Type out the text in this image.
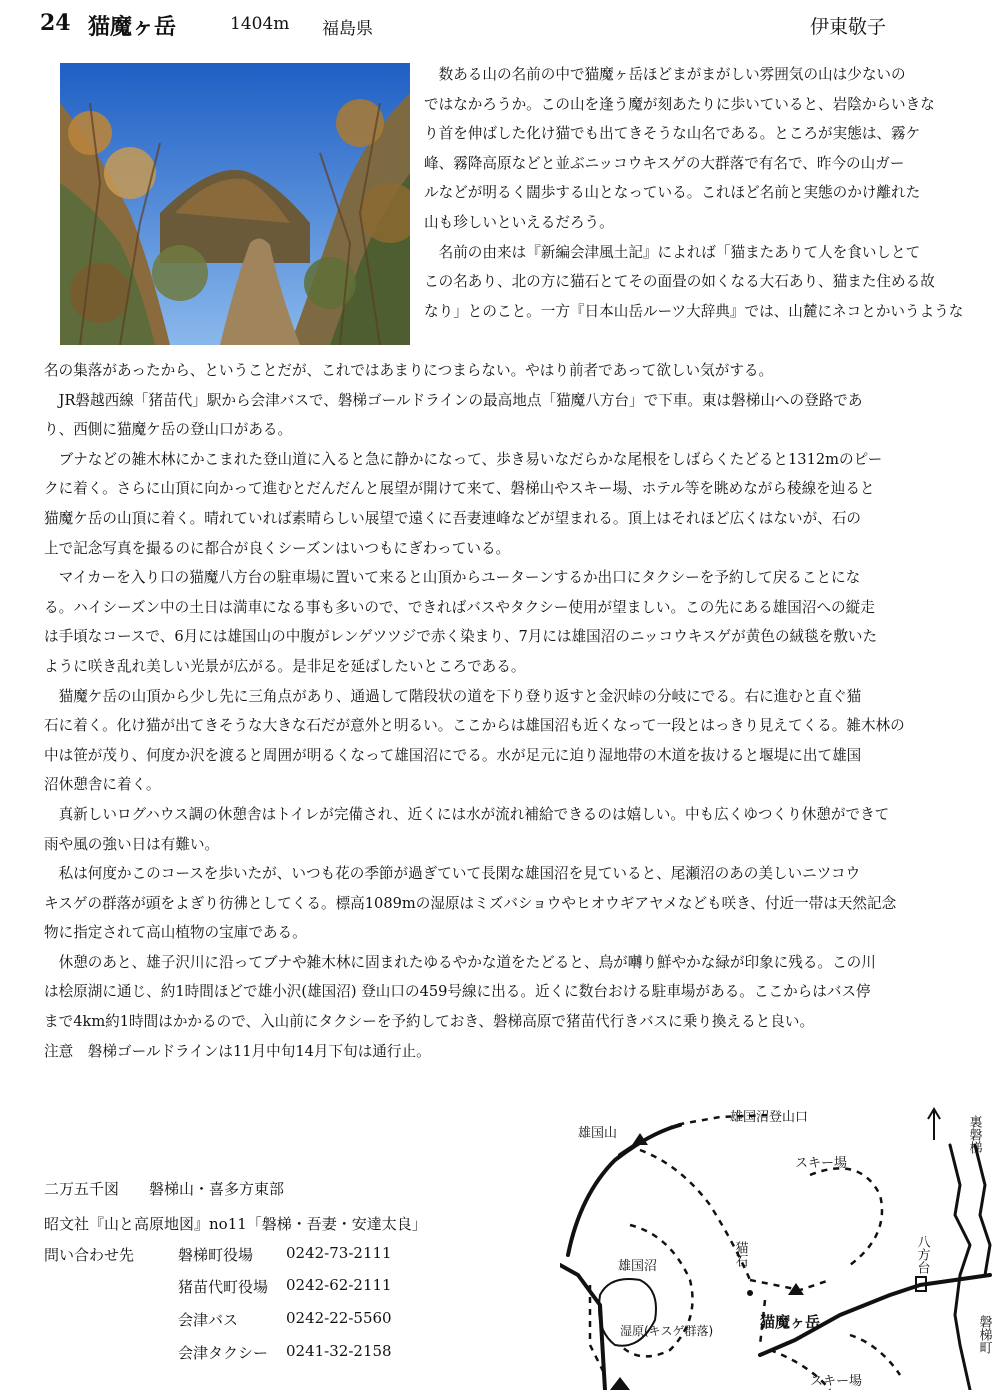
24 猫魔ヶ岳	1404m 福島県	伊東敬子
　数ある山の名前の中で猫魔ヶ岳ほどまがまがしい雰囲気の山は少ないの
ではなかろうか。この山を逢う魔が刻あたりに歩いていると、岩陰からいきな
り首を伸ばした化け猫でも出てきそうな山名である。ところが実態は、霧ケ
峰、霧降高原などと並ぶニッコウキスゲの大群落で有名で、昨今の山ガー
ルなどが明るく闊歩する山となっている。これほど名前と実態のかけ離れた
山も珍しいといえるだろう。
　名前の由来は『新編会津風土記』によれば「猫またありて人を食いしとて
この名あり、北の方に猫石とてその面畳の如くなる大石あり、猫また住める故
なり」とのこと。一方『日本山岳ルーツ大辞典』では、山麓にネコとかいうような
名の集落があったから、ということだが、これではあまりにつまらない。やはり前者であって欲しい気がする。
　JR磐越西線「猪苗代」駅から会津バスで、磐梯ゴールドラインの最高地点「猫魔八方台」で下車。東は磐梯山への登路であ
り、西側に猫魔ケ岳の登山口がある。
　ブナなどの雑木林にかこまれた登山道に入ると急に静かになって、歩き易いなだらかな尾根をしばらくたどると1312mのピー
クに着く。さらに山頂に向かって進むとだんだんと展望が開けて来て、磐梯山やスキー場、ホテル等を眺めながら稜線を辿ると
猫魔ケ岳の山頂に着く。晴れていれば素晴らしい展望で遠くに吾妻連峰などが望まれる。頂上はそれほど広くはないが、石の
上で記念写真を撮るのに都合が良くシーズンはいつもにぎわっている。
　マイカーを入り口の猫魔八方台の駐車場に置いて来ると山頂からユーターンするか出口にタクシーを予約して戻ることにな
る。ハイシーズン中の土日は満車になる事も多いので、できればバスやタクシー使用が望ましい。この先にある雄国沼への縦走
は手頃なコースで、6月には雄国山の中腹がレンゲツツジで赤く染まり、7月には雄国沼のニッコウキスゲが黄色の絨毯を敷いた
ように咲き乱れ美しい光景が広がる。是非足を延ばしたいところである。
　猫魔ケ岳の山頂から少し先に三角点があり、通過して階段状の道を下り登り返すと金沢峠の分岐にでる。右に進むと直ぐ猫
石に着く。化け猫が出てきそうな大きな石だが意外と明るい。ここからは雄国沼も近くなって一段とはっきり見えてくる。雑木林の
中は笹が茂り、何度か沢を渡ると周囲が明るくなって雄国沼にでる。水が足元に迫り湿地帯の木道を抜けると堰堤に出て雄国
沼休憩舎に着く。
　真新しいログハウス調の休憩舎はトイレが完備され、近くには水が流れ補給できるのは嬉しい。中も広くゆつくり休憩ができて
雨や風の強い日は有難い。
　私は何度かこのコースを歩いたが、いつも花の季節が過ぎていて長閑な雄国沼を見ていると、尾瀬沼のあの美しいニツコウ
キスゲの群落が頭をよぎり彷彿としてくる。標高1089mの湿原はミズバショウやヒオウギアヤメなども咲き、付近一帯は天然記念
物に指定されて高山植物の宝庫である。
　休憩のあと、雄子沢川に沿ってブナや雑木林に固まれたゆるやかな道をたどると、鳥が囀り鮮やかな緑が印象に残る。この川
は桧原湖に通じ、約1時間ほどで雄小沢(雄国沼) 登山口の459号線に出る。近くに数台おける駐車場がある。ここからはバス停
まで4km約1時間はかかるので、入山前にタクシーを予約しておき、磐梯高原で猪苗代行きバスに乗り換えると良い。
注意　磐梯ゴールドラインは11月中旬14月下旬は通行止。
二万五千図　　磐梯山・喜多方東部
昭文社『山と高原地図』no11「磐梯・吾妻・安達太良」
問い合わせ先	磐梯町役場 0242-73-2111
猪苗代町役場 0242-62-2111
会津バス	0242-22-5560
会津タクシー 0241-32-2158
雄国山
雄国沼登山口
スキー場
雄国沼
湿原(キスゲ群落)	猫魔ヶ岳
スキー場
猫石	八方台
裏磐梯
磐梯町
